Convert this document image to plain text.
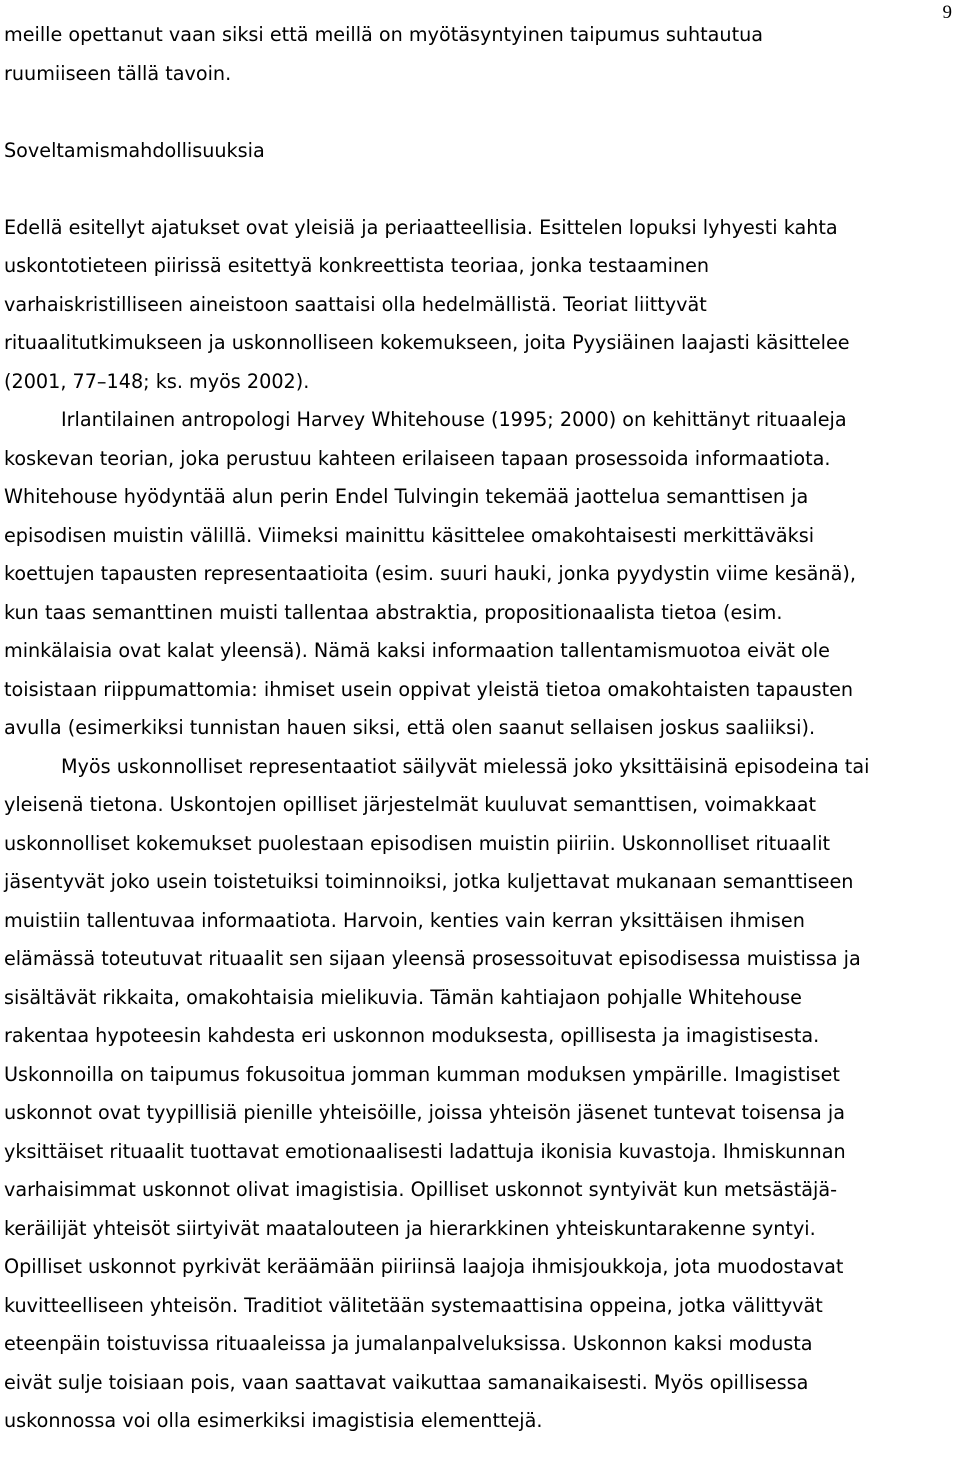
9

meille opettanut vaan siksi että meillä on myötäsyntyinen taipumus suhtautua
ruumiiseen tällä tavoin.

Soveltamismahdollisuuksia

Edellä esitellyt ajatukset ovat yleisiä ja periaatteellisia. Esittelen lopuksi lyhyesti kahta
uskontotieteen piirissä esitettyä konkreettista teoriaa, jonka testaaminen
varhaiskristilliseen aineistoon saattaisi olla hedelmällistä. Teoriat liittyvät
rituaalitutkimukseen ja uskonnolliseen kokemukseen, joita Pyysiäinen laajasti käsittelee
(2001, 77–148; ks. myös 2002).

Irlantilainen antropologi Harvey Whitehouse (1995; 2000) on kehittänyt rituaaleja
koskevan teorian, joka perustuu kahteen erilaiseen tapaan prosessoida informaatiota.
Whitehouse hyödyntää alun perin Endel Tulvingin tekemää jaottelua semanttisen ja
episodisen muistin välillä. Viimeksi mainittu käsittelee omakohtaisesti merkittäväksi
koettujen tapausten representaatioita (esim. suuri hauki, jonka pyydystin viime kesänä),
kun taas semanttinen muisti tallentaa abstraktia, propositionaalista tietoa (esim.
minkälaisia ovat kalat yleensä). Nämä kaksi informaation tallentamismuotoa eivät ole
toisistaan riippumattomia: ihmiset usein oppivat yleistä tietoa omakohtaisten tapausten
avulla (esimerkiksi tunnistan hauen siksi, että olen saanut sellaisen joskus saaliiksi).

Myös uskonnolliset representaatiot säilyvät mielessä joko yksittäisinä episodeina tai
yleisenä tietona. Uskontojen opilliset järjestelmät kuuluvat semanttisen, voimakkaat
uskonnolliset kokemukset puolestaan episodisen muistin piiriin. Uskonnolliset rituaalit
jäsentyvät joko usein toistetuiksi toiminnoiksi, jotka kuljettavat mukanaan semanttiseen
muistiin tallentuvaa informaatiota. Harvoin, kenties vain kerran yksittäisen ihmisen
elämässä toteutuvat rituaalit sen sijaan yleensä prosessoituvat episodisessa muistissa ja
sisältävät rikkaita, omakohtaisia mielikuvia. Tämän kahtiajaon pohjalle Whitehouse
rakentaa hypoteesin kahdesta eri uskonnon moduksesta, opillisesta ja imagistisesta.
Uskonnoilla on taipumus fokusoitua jomman kumman moduksen ympärille. Imagistiset
uskonnot ovat tyypillisiä pienille yhteisöille, joissa yhteisön jäsenet tuntevat toisensa ja
yksittäiset rituaalit tuottavat emotionaalisesti ladattuja ikonisia kuvastoja. Ihmiskunnan
varhaisimmat uskonnot olivat imagistisia. Opilliset uskonnot syntyivät kun metsästäjä-
keräilijät yhteisöt siirtyivät maatalouteen ja hierarkkinen yhteiskuntarakenne syntyi.
Opilliset uskonnot pyrkivät keräämään piiriinsä laajoja ihmisjoukkoja, jota muodostavat
kuvitteelliseen yhteisön. Traditiot välitetään systemaattisina oppeina, jotka välittyvät
eteenpäin toistuvissa rituaaleissa ja jumalanpalveluksissa. Uskonnon kaksi modusta
eivät sulje toisiaan pois, vaan saattavat vaikuttaa samanaikaisesti. Myös opillisessa
uskonnossa voi olla esimerkiksi imagistisia elementtejä.
